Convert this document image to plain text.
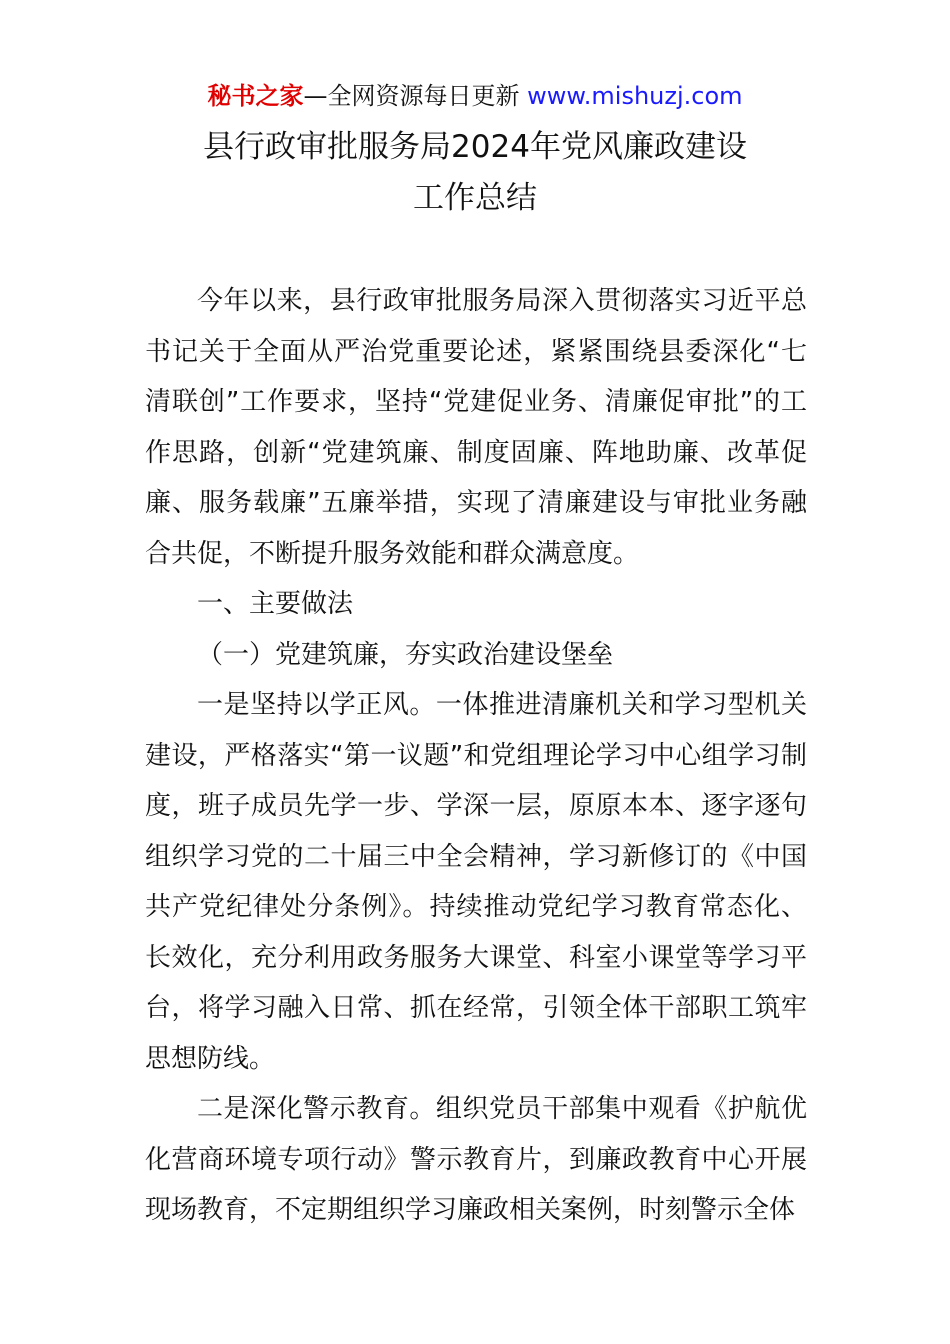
秘书之家—全网资源每日更新 www.mishuzj.com
县行政审批服务局2024年党风廉政建设
工作总结

今年以来，县行政审批服务局深入贯彻落实习近平总书记关于全面从严治党重要论述，紧紧围绕县委深化“七清联创”工作要求，坚持“党建促业务、清廉促审批”的工作思路，创新“党建筑廉、制度固廉、阵地助廉、改革促廉、服务载廉”五廉举措，实现了清廉建设与审批业务融合共促，不断提升服务效能和群众满意度。

一、主要做法

（一）党建筑廉，夯实政治建设堡垒

一是坚持以学正风。一体推进清廉机关和学习型机关建设，严格落实“第一议题”和党组理论学习中心组学习制度，班子成员先学一步、学深一层，原原本本、逐字逐句组织学习党的二十届三中全会精神，学习新修订的《中国共产党纪律处分条例》。持续推动党纪学习教育常态化、长效化，充分利用政务服务大课堂、科室小课堂等学习平台，将学习融入日常、抓在经常，引领全体干部职工筑牢思想防线。

二是深化警示教育。组织党员干部集中观看《护航优化营商环境专项行动》警示教育片，到廉政教育中心开展现场教育，不定期组织学习廉政相关案例，时刻警示全体
